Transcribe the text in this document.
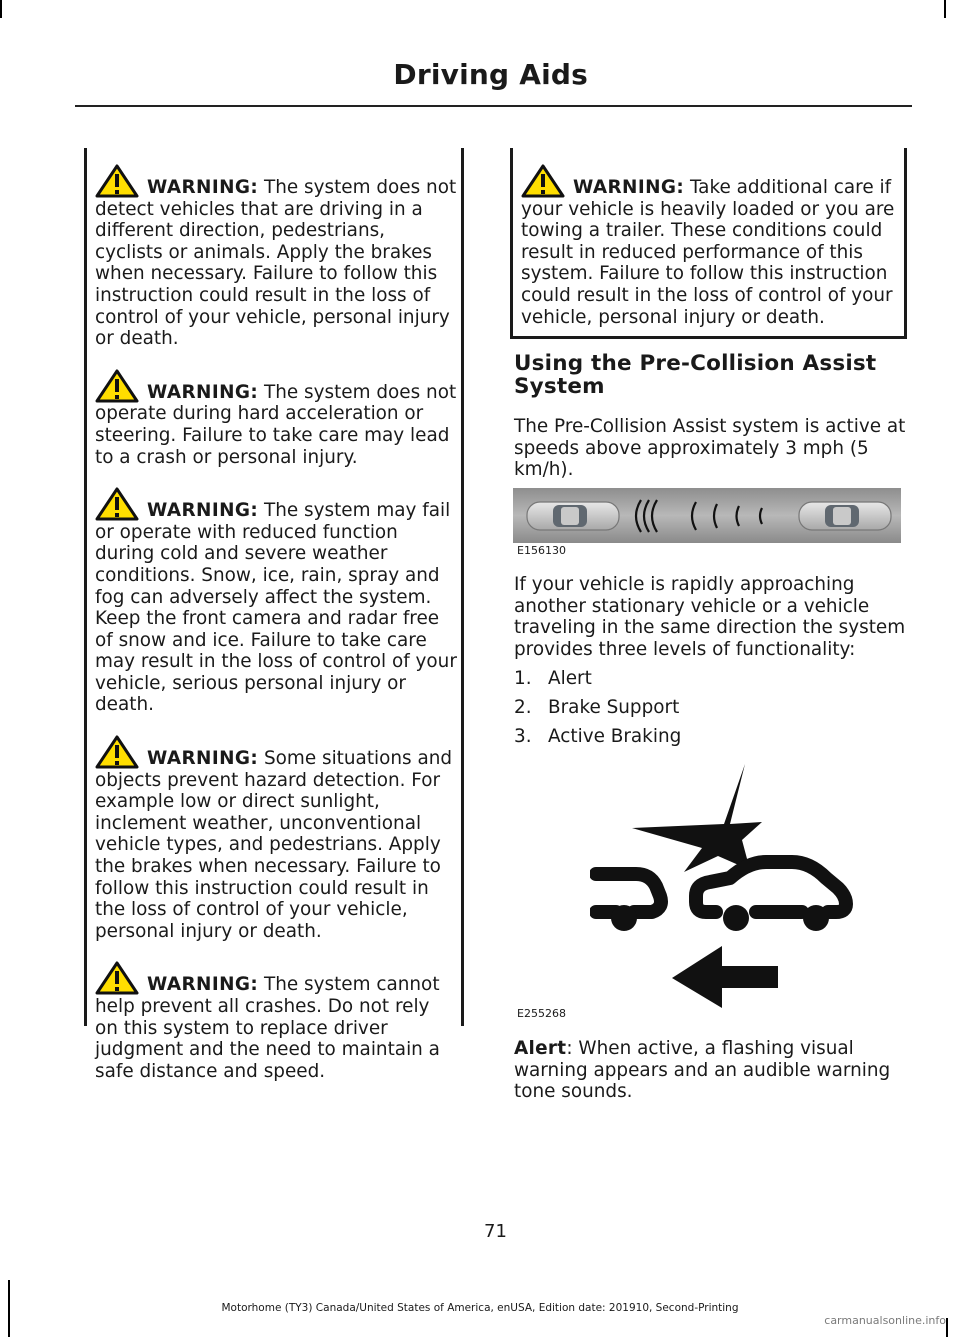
Driving Aids

WARNING: The system does not detect vehicles that are driving in a different direction, pedestrians, cyclists or animals. Apply the brakes when necessary. Failure to follow this instruction could result in the loss of control of your vehicle, personal injury or death.

WARNING: The system does not operate during hard acceleration or steering. Failure to take care may lead to a crash or personal injury.

WARNING: The system may fail or operate with reduced function during cold and severe weather conditions. Snow, ice, rain, spray and fog can adversely affect the system. Keep the front camera and radar free of snow and ice. Failure to take care may result in the loss of control of your vehicle, serious personal injury or death.

WARNING: Some situations and objects prevent hazard detection. For example low or direct sunlight, inclement weather, unconventional vehicle types, and pedestrians. Apply the brakes when necessary. Failure to follow this instruction could result in the loss of control of your vehicle, personal injury or death.

WARNING: The system cannot help prevent all crashes. Do not rely on this system to replace driver judgment and the need to maintain a safe distance and speed.

WARNING: Take additional care if your vehicle is heavily loaded or you are towing a trailer. These conditions could result in reduced performance of this system. Failure to follow this instruction could result in the loss of control of your vehicle, personal injury or death.

Using the Pre-Collision Assist System
The Pre-Collision Assist system is active at speeds above approximately 3 mph (5 km/h).
E156130
If your vehicle is rapidly approaching another stationary vehicle or a vehicle traveling in the same direction the system provides three levels of functionality:
1. Alert
2. Brake Support
3. Active Braking
E255268
Alert: When active, a flashing visual warning appears and an audible warning tone sounds.
71
Motorhome (TY3) Canada/United States of America, enUSA, Edition date: 201910, Second-Printing
carmanualsonline.info
